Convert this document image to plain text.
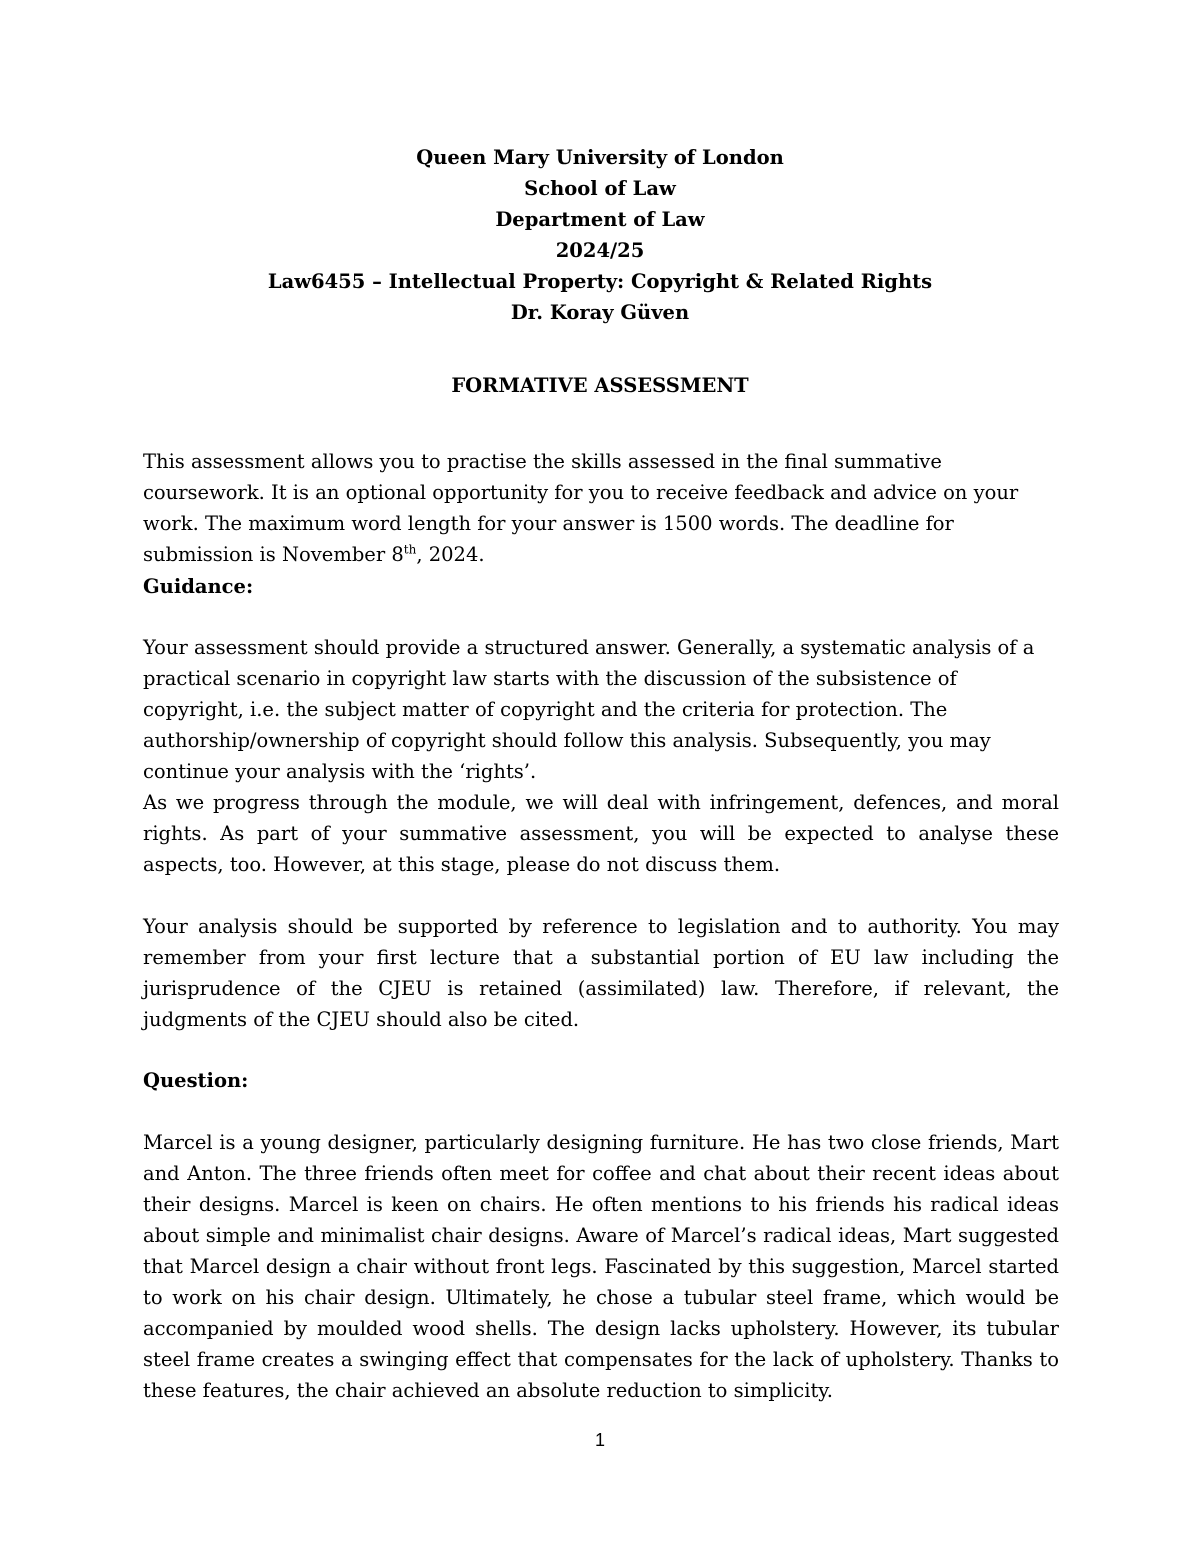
Queen Mary University of London
School of Law
Department of Law
2024/25
Law6455 – Intellectual Property: Copyright & Related Rights
Dr. Koray Güven
FORMATIVE ASSESSMENT

This assessment allows you to practise the skills assessed in the final summative coursework. It is an optional opportunity for you to receive feedback and advice on your work. The maximum word length for your answer is 1500 words. The deadline for submission is November 8th, 2024.

Guidance:

Your assessment should provide a structured answer. Generally, a systematic analysis of a practical scenario in copyright law starts with the discussion of the subsistence of copyright, i.e. the subject matter of copyright and the criteria for protection. The authorship/ownership of copyright should follow this analysis. Subsequently, you may continue your analysis with the ‘rights’.

As we progress through the module, we will deal with infringement, defences, and moral rights. As part of your summative assessment, you will be expected to analyse these aspects, too. However, at this stage, please do not discuss them.

Your analysis should be supported by reference to legislation and to authority. You may remember from your first lecture that a substantial portion of EU law including the jurisprudence of the CJEU is retained (assimilated) law. Therefore, if relevant, the judgments of the CJEU should also be cited.

Question:

Marcel is a young designer, particularly designing furniture. He has two close friends, Mart and Anton. The three friends often meet for coffee and chat about their recent ideas about their designs. Marcel is keen on chairs. He often mentions to his friends his radical ideas about simple and minimalist chair designs. Aware of Marcel’s radical ideas, Mart suggested that Marcel design a chair without front legs. Fascinated by this suggestion, Marcel started to work on his chair design. Ultimately, he chose a tubular steel frame, which would be accompanied by moulded wood shells. The design lacks upholstery. However, its tubular steel frame creates a swinging effect that compensates for the lack of upholstery. Thanks to these features, the chair achieved an absolute reduction to simplicity.

1
